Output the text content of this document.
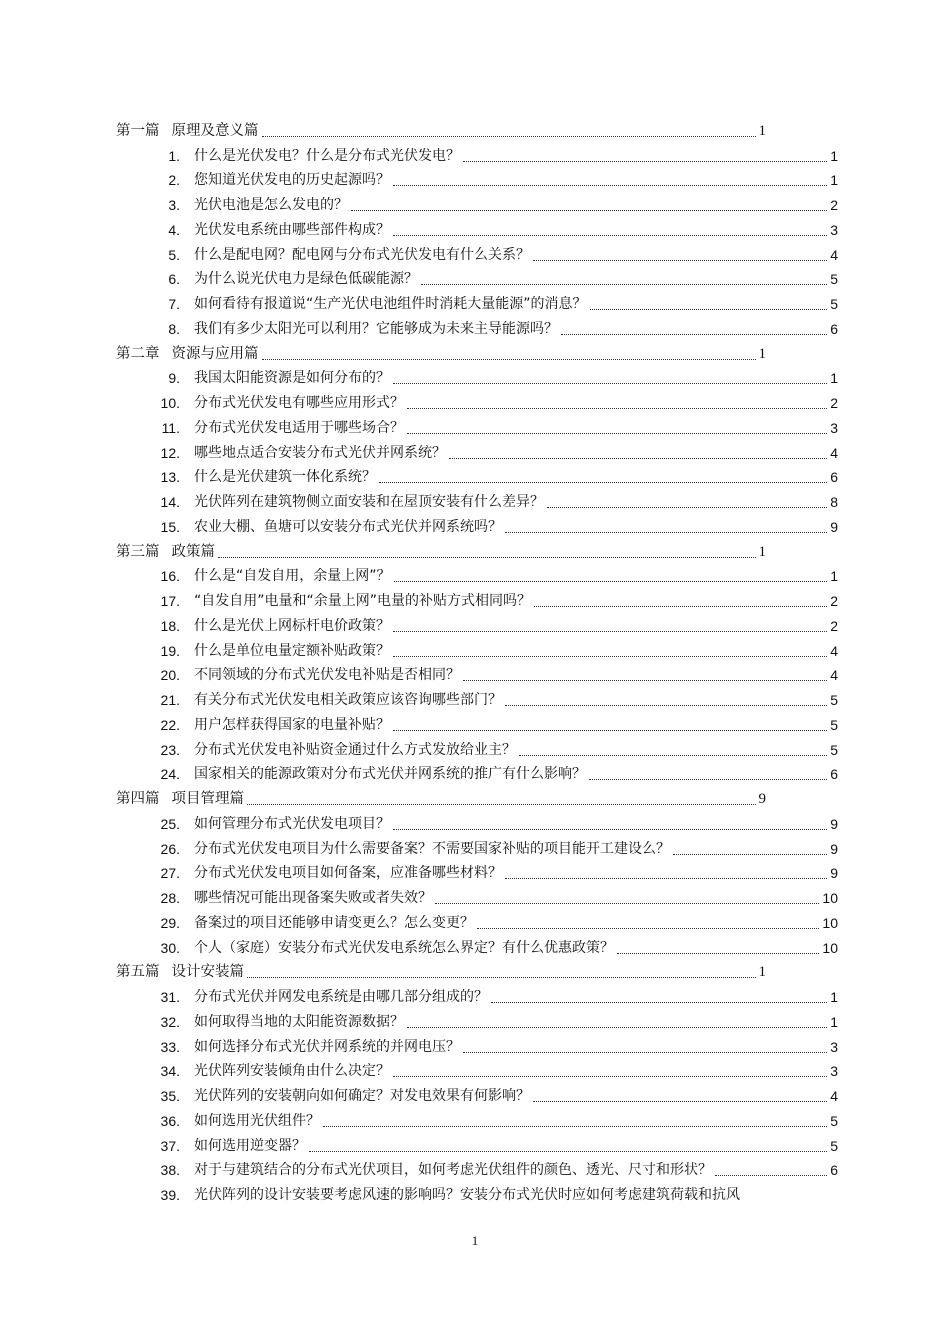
第一篇 原理及意义篇	1
1. 什么是光伏发电？什么是分布式光伏发电？	1
2. 您知道光伏发电的历史起源吗？	1
3. 光伏电池是怎么发电的？	2
4. 光伏发电系统由哪些部件构成？	3
5. 什么是配电网？配电网与分布式光伏发电有什么关系？	4
6. 为什么说光伏电力是绿色低碳能源？	5
7. 如何看待有报道说“生产光伏电池组件时消耗大量能源”的消息？	5
8. 我们有多少太阳光可以利用？它能够成为未来主导能源吗？	6
第二章 资源与应用篇	1
9. 我国太阳能资源是如何分布的？	1
10. 分布式光伏发电有哪些应用形式？	2
11. 分布式光伏发电适用于哪些场合？	3
12. 哪些地点适合安装分布式光伏并网系统？	4
13. 什么是光伏建筑一体化系统？	6
14. 光伏阵列在建筑物侧立面安装和在屋顶安装有什么差异？	8
15. 农业大棚、鱼塘可以安装分布式光伏并网系统吗？	9
第三篇 政策篇	1
16. 什么是“自发自用，余量上网”？	1
17. “自发自用”电量和“余量上网”电量的补贴方式相同吗？	2
18. 什么是光伏上网标杆电价政策？	2
19. 什么是单位电量定额补贴政策？	4
20. 不同领域的分布式光伏发电补贴是否相同？	4
21. 有关分布式光伏发电相关政策应该咨询哪些部门？	5
22. 用户怎样获得国家的电量补贴？	5
23. 分布式光伏发电补贴资金通过什么方式发放给业主？	5
24. 国家相关的能源政策对分布式光伏并网系统的推广有什么影响？	6
第四篇 项目管理篇	9
25. 如何管理分布式光伏发电项目？	9
26. 分布式光伏发电项目为什么需要备案？不需要国家补贴的项目能开工建设么？	9
27. 分布式光伏发电项目如何备案，应准备哪些材料？	9
28. 哪些情况可能出现备案失败或者失效？	10
29. 备案过的项目还能够申请变更么？怎么变更？	10
30. 个人（家庭）安装分布式光伏发电系统怎么界定？有什么优惠政策？	10
第五篇 设计安装篇	1
31. 分布式光伏并网发电系统是由哪几部分组成的？	1
32. 如何取得当地的太阳能资源数据？	1
33. 如何选择分布式光伏并网系统的并网电压？	3
34. 光伏阵列安装倾角由什么决定？	3
35. 光伏阵列的安装朝向如何确定？对发电效果有何影响？	4
36. 如何选用光伏组件？	5
37. 如何选用逆变器？	5
38. 对于与建筑结合的分布式光伏项目，如何考虑光伏组件的颜色、透光、尺寸和形状？	6
39. 光伏阵列的设计安装要考虑风速的影响吗？安装分布式光伏时应如何考虑建筑荷载和抗风
1
